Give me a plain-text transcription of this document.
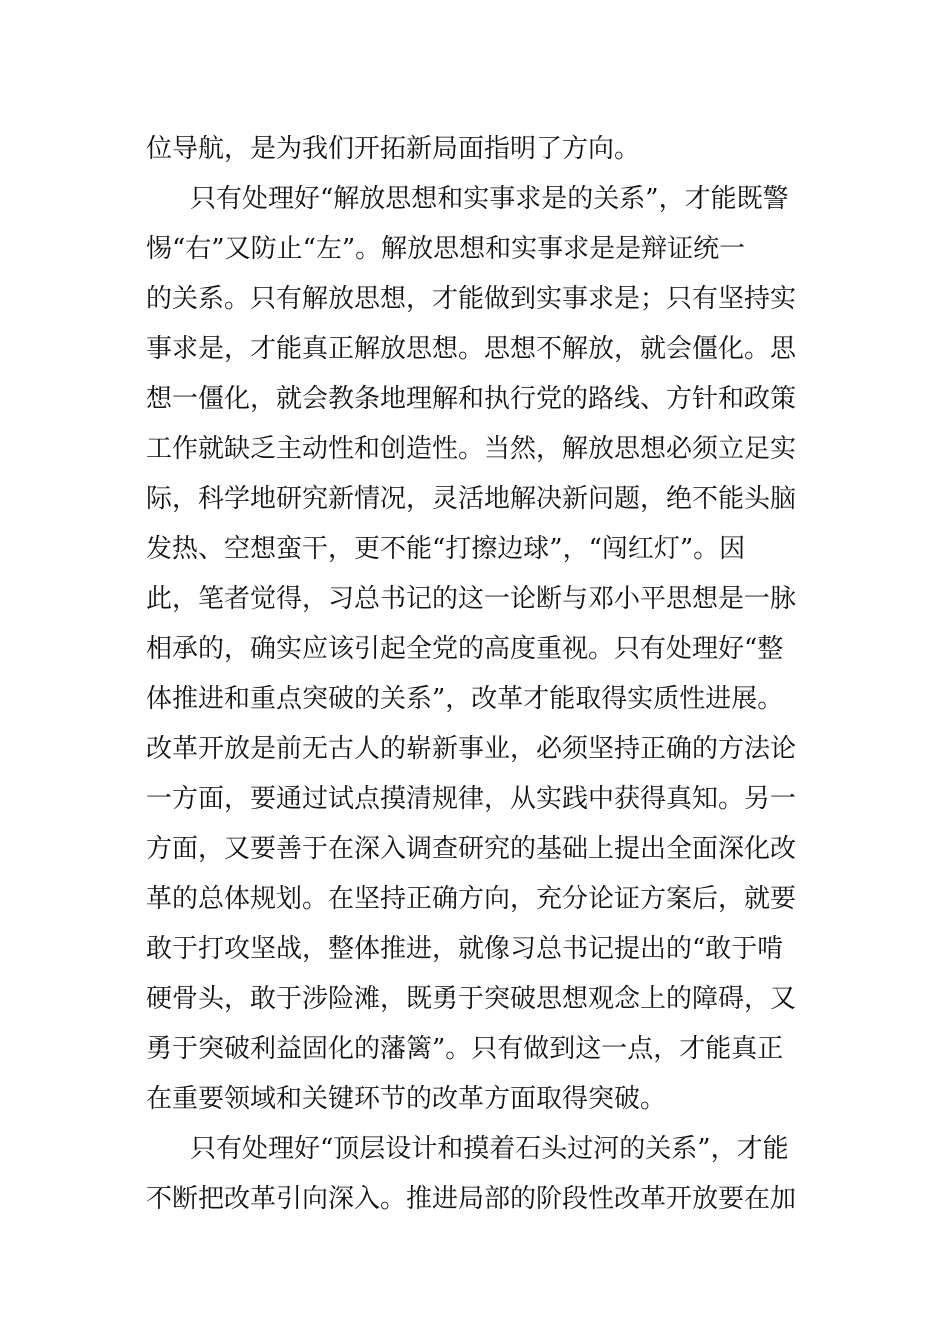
位导航，是为我们开拓新局面指明了方向。
只有处理好“解放思想和实事求是的关系”，才能既警
惕“右”又防止“左”。解放思想和实事求是是辩证统一
的关系。只有解放思想，才能做到实事求是；只有坚持实
事求是，才能真正解放思想。思想不解放，就会僵化。思
想一僵化，就会教条地理解和执行党的路线、方针和政策
工作就缺乏主动性和创造性。当然，解放思想必须立足实
际，科学地研究新情况，灵活地解决新问题，绝不能头脑
发热、空想蛮干，更不能“打擦边球”，“闯红灯”。因
此，笔者觉得，习总书记的这一论断与邓小平思想是一脉
相承的，确实应该引起全党的高度重视。只有处理好“整
体推进和重点突破的关系”，改革才能取得实质性进展。
改革开放是前无古人的崭新事业，必须坚持正确的方法论
一方面，要通过试点摸清规律，从实践中获得真知。另一
方面，又要善于在深入调查研究的基础上提出全面深化改
革的总体规划。在坚持正确方向，充分论证方案后，就要
敢于打攻坚战，整体推进，就像习总书记提出的“敢于啃
硬骨头，敢于涉险滩，既勇于突破思想观念上的障碍，又
勇于突破利益固化的藩篱”。只有做到这一点，才能真正
在重要领域和关键环节的改革方面取得突破。
只有处理好“顶层设计和摸着石头过河的关系”，才能
不断把改革引向深入。推进局部的阶段性改革开放要在加
